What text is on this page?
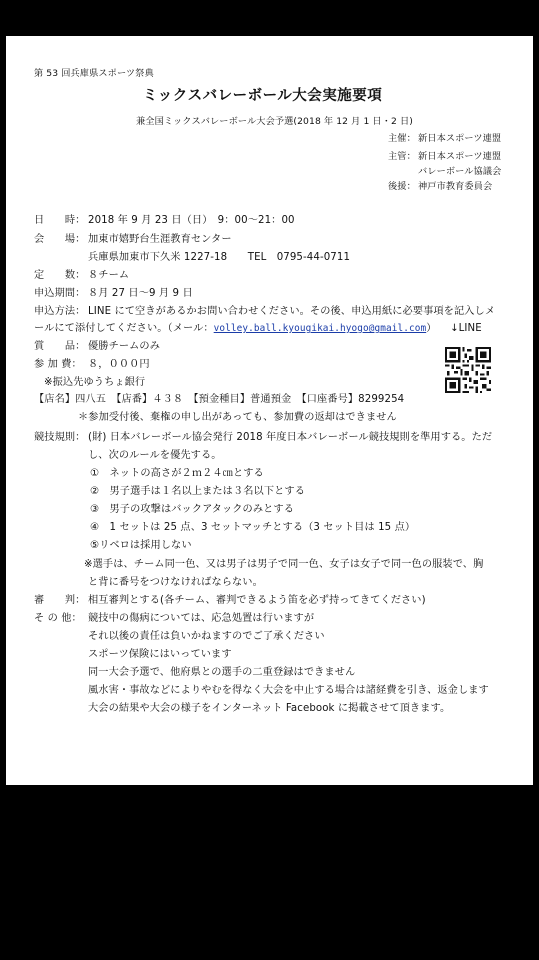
第 53 回兵庫県スポーツ祭典
ミックスバレーボール大会実施要項
兼全国ミックスバレーボール大会予選(2018 年 12 月 1 日・2 日)
主催： 新日本スポーツ連盟
主管： 新日本スポーツ連盟
バレーボール協議会
後援： 神戸市教育委員会
日　　時： 2018 年 9 月 23 日（日）　9：00～21：00
会　　場： 加東市嬉野台生涯教育センター
兵庫県加東市下久米 1227-18　　TEL　0795-44-0711
定　　数： ８チーム
申込期間： ８月 27 日～9 月 9 日
申込方法： LINE にて空きがあるかお問い合わせください。その後、申込用紙に必要事項を記入しメ
ールにて添付してください。（メール：volley.ball.kyougikai.hyogo@gmail.com） ↓LINE
賞　　品： 優勝チームのみ
参 加 費： ８，０００円
※振込先ゆうちょ銀行
【店名】四八五　【店番】４３８　【預金種目】普通預金　【口座番号】8299254
＊参加受付後、棄権の申し出があっても、参加費の返却はできません
競技規則： (財) 日本バレーボール協会発行 2018 年度日本バレーボール競技規則を準用する。ただ
し、次のルールを優先する。
①　ネットの高さが２ｍ２４㎝とする
②　男子選手は１名以上または３名以下とする
③　男子の攻撃はバックアタックのみとする
④　1 セットは 25 点、3 セットマッチとする（3 セット目は 15 点）
⑤リベロは採用しない
※選手は、チーム同一色、又は男子は男子で同一色、女子は女子で同一色の服装で、胸
と背に番号をつけなければならない。
審　　判： 相互審判とする(各チーム、審判できるよう笛を必ず持ってきてください)
そ の 他： 競技中の傷病については、応急処置は行いますが
それ以後の責任は負いかねますのでご了承ください
スポーツ保険にはいっています
同一大会予選で、他府県との選手の二重登録はできません
風水害・事故などによりやむを得なく大会を中止する場合は諸経費を引き、返金します
大会の結果や大会の様子をインターネット Facebook に掲載させて頂きます。
